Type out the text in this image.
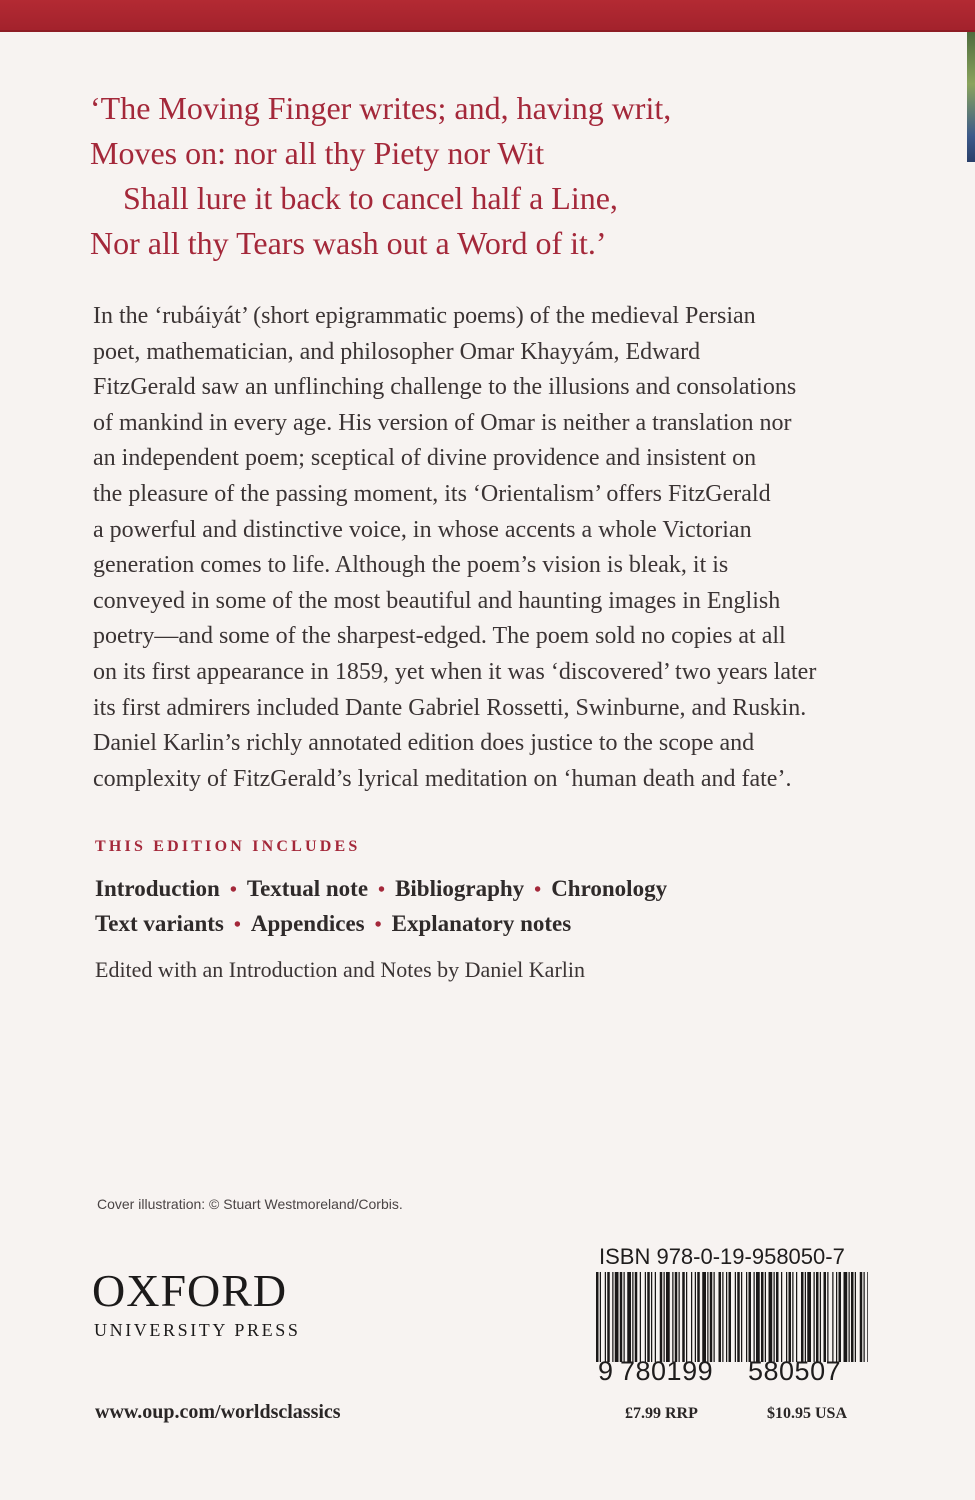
‘The Moving Finger writes; and, having writ,
Moves on: nor all thy Piety nor Wit
Shall lure it back to cancel half a Line,
Nor all thy Tears wash out a Word of it.’
In the ‘rubáiyát’ (short epigrammatic poems) of the medieval Persian
poet, mathematician, and philosopher Omar Khayyám, Edward
FitzGerald saw an unflinching challenge to the illusions and consolations
of mankind in every age. His version of Omar is neither a translation nor
an independent poem; sceptical of divine providence and insistent on
the pleasure of the passing moment, its ‘Orientalism’ offers FitzGerald
a powerful and distinctive voice, in whose accents a whole Victorian
generation comes to life. Although the poem’s vision is bleak, it is
conveyed in some of the most beautiful and haunting images in English
poetry—and some of the sharpest-edged. The poem sold no copies at all
on its first appearance in 1859, yet when it was ‘discovered’ two years later
its first admirers included Dante Gabriel Rossetti, Swinburne, and Ruskin.
Daniel Karlin’s richly annotated edition does justice to the scope and
complexity of FitzGerald’s lyrical meditation on ‘human death and fate’.
THIS EDITION INCLUDES
Introduction • Textual note • Bibliography • Chronology
Text variants • Appendices • Explanatory notes
Edited with an Introduction and Notes by Daniel Karlin
Cover illustration: © Stuart Westmoreland/Corbis.
OXFORD
UNIVERSITY PRESS
www.oup.com/worldsclassics
ISBN 978-0-19-958050-7
9 780199 580507
£7.99 RRP	$10.95 USA
